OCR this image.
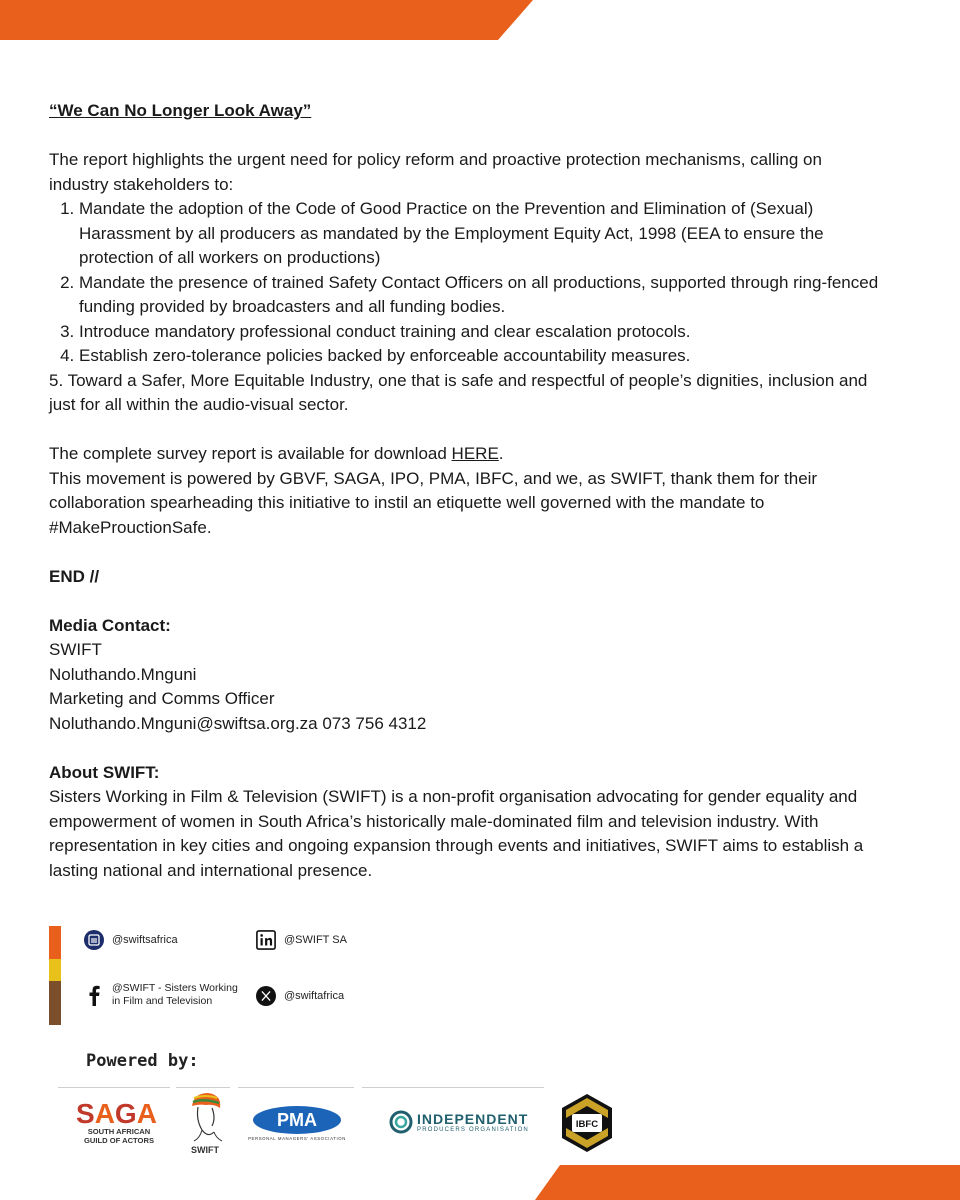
“We Can No Longer Look Away”

The report highlights the urgent need for policy reform and proactive protection mechanisms, calling on industry stakeholders to:

1. Mandate the adoption of the Code of Good Practice on the Prevention and Elimination of (Sexual) Harassment by all producers as mandated by the Employment Equity Act, 1998 (EEA to ensure the protection of all workers on productions)
2. Mandate the presence of trained Safety Contact Officers on all productions, supported through ring-fenced funding provided by broadcasters and all funding bodies.
3. Introduce mandatory professional conduct training and clear escalation protocols.
4. Establish zero-tolerance policies backed by enforceable accountability measures.

5. Toward a Safer, More Equitable Industry, one that is safe and respectful of people’s dignities, inclusion and just for all within the audio-visual sector.

The complete survey report is available for download HERE.

This movement is powered by GBVF, SAGA, IPO, PMA, IBFC, and we, as SWIFT, thank them for their collaboration spearheading this initiative to instil an etiquette well governed with the mandate to #MakeProuctionSafe.

END //

Media Contact:

SWIFT

Noluthando.Mnguni

Marketing and Comms Officer

Noluthando.Mnguni@swiftsa.org.za 073 756 4312

About SWIFT:

Sisters Working in Film & Television (SWIFT) is a non-profit organisation advocating for gender equality and empowerment of women in South Africa’s historically male-dominated film and television industry. With representation in key cities and ongoing expansion through events and initiatives, SWIFT aims to establish a lasting national and international presence.

@swiftsafrica	@SWIFT SA
@SWIFT - Sisters Working
in Film and Television	@swiftafrica
Powered by:
SAGA
SOUTH AFRICAN
GUILD OF ACTORS
SWIFT
PMA
PERSONAL MANAGERS' ASSOCIATION
INDEPENDENT
PRODUCERS ORGANISATION	IBFC
